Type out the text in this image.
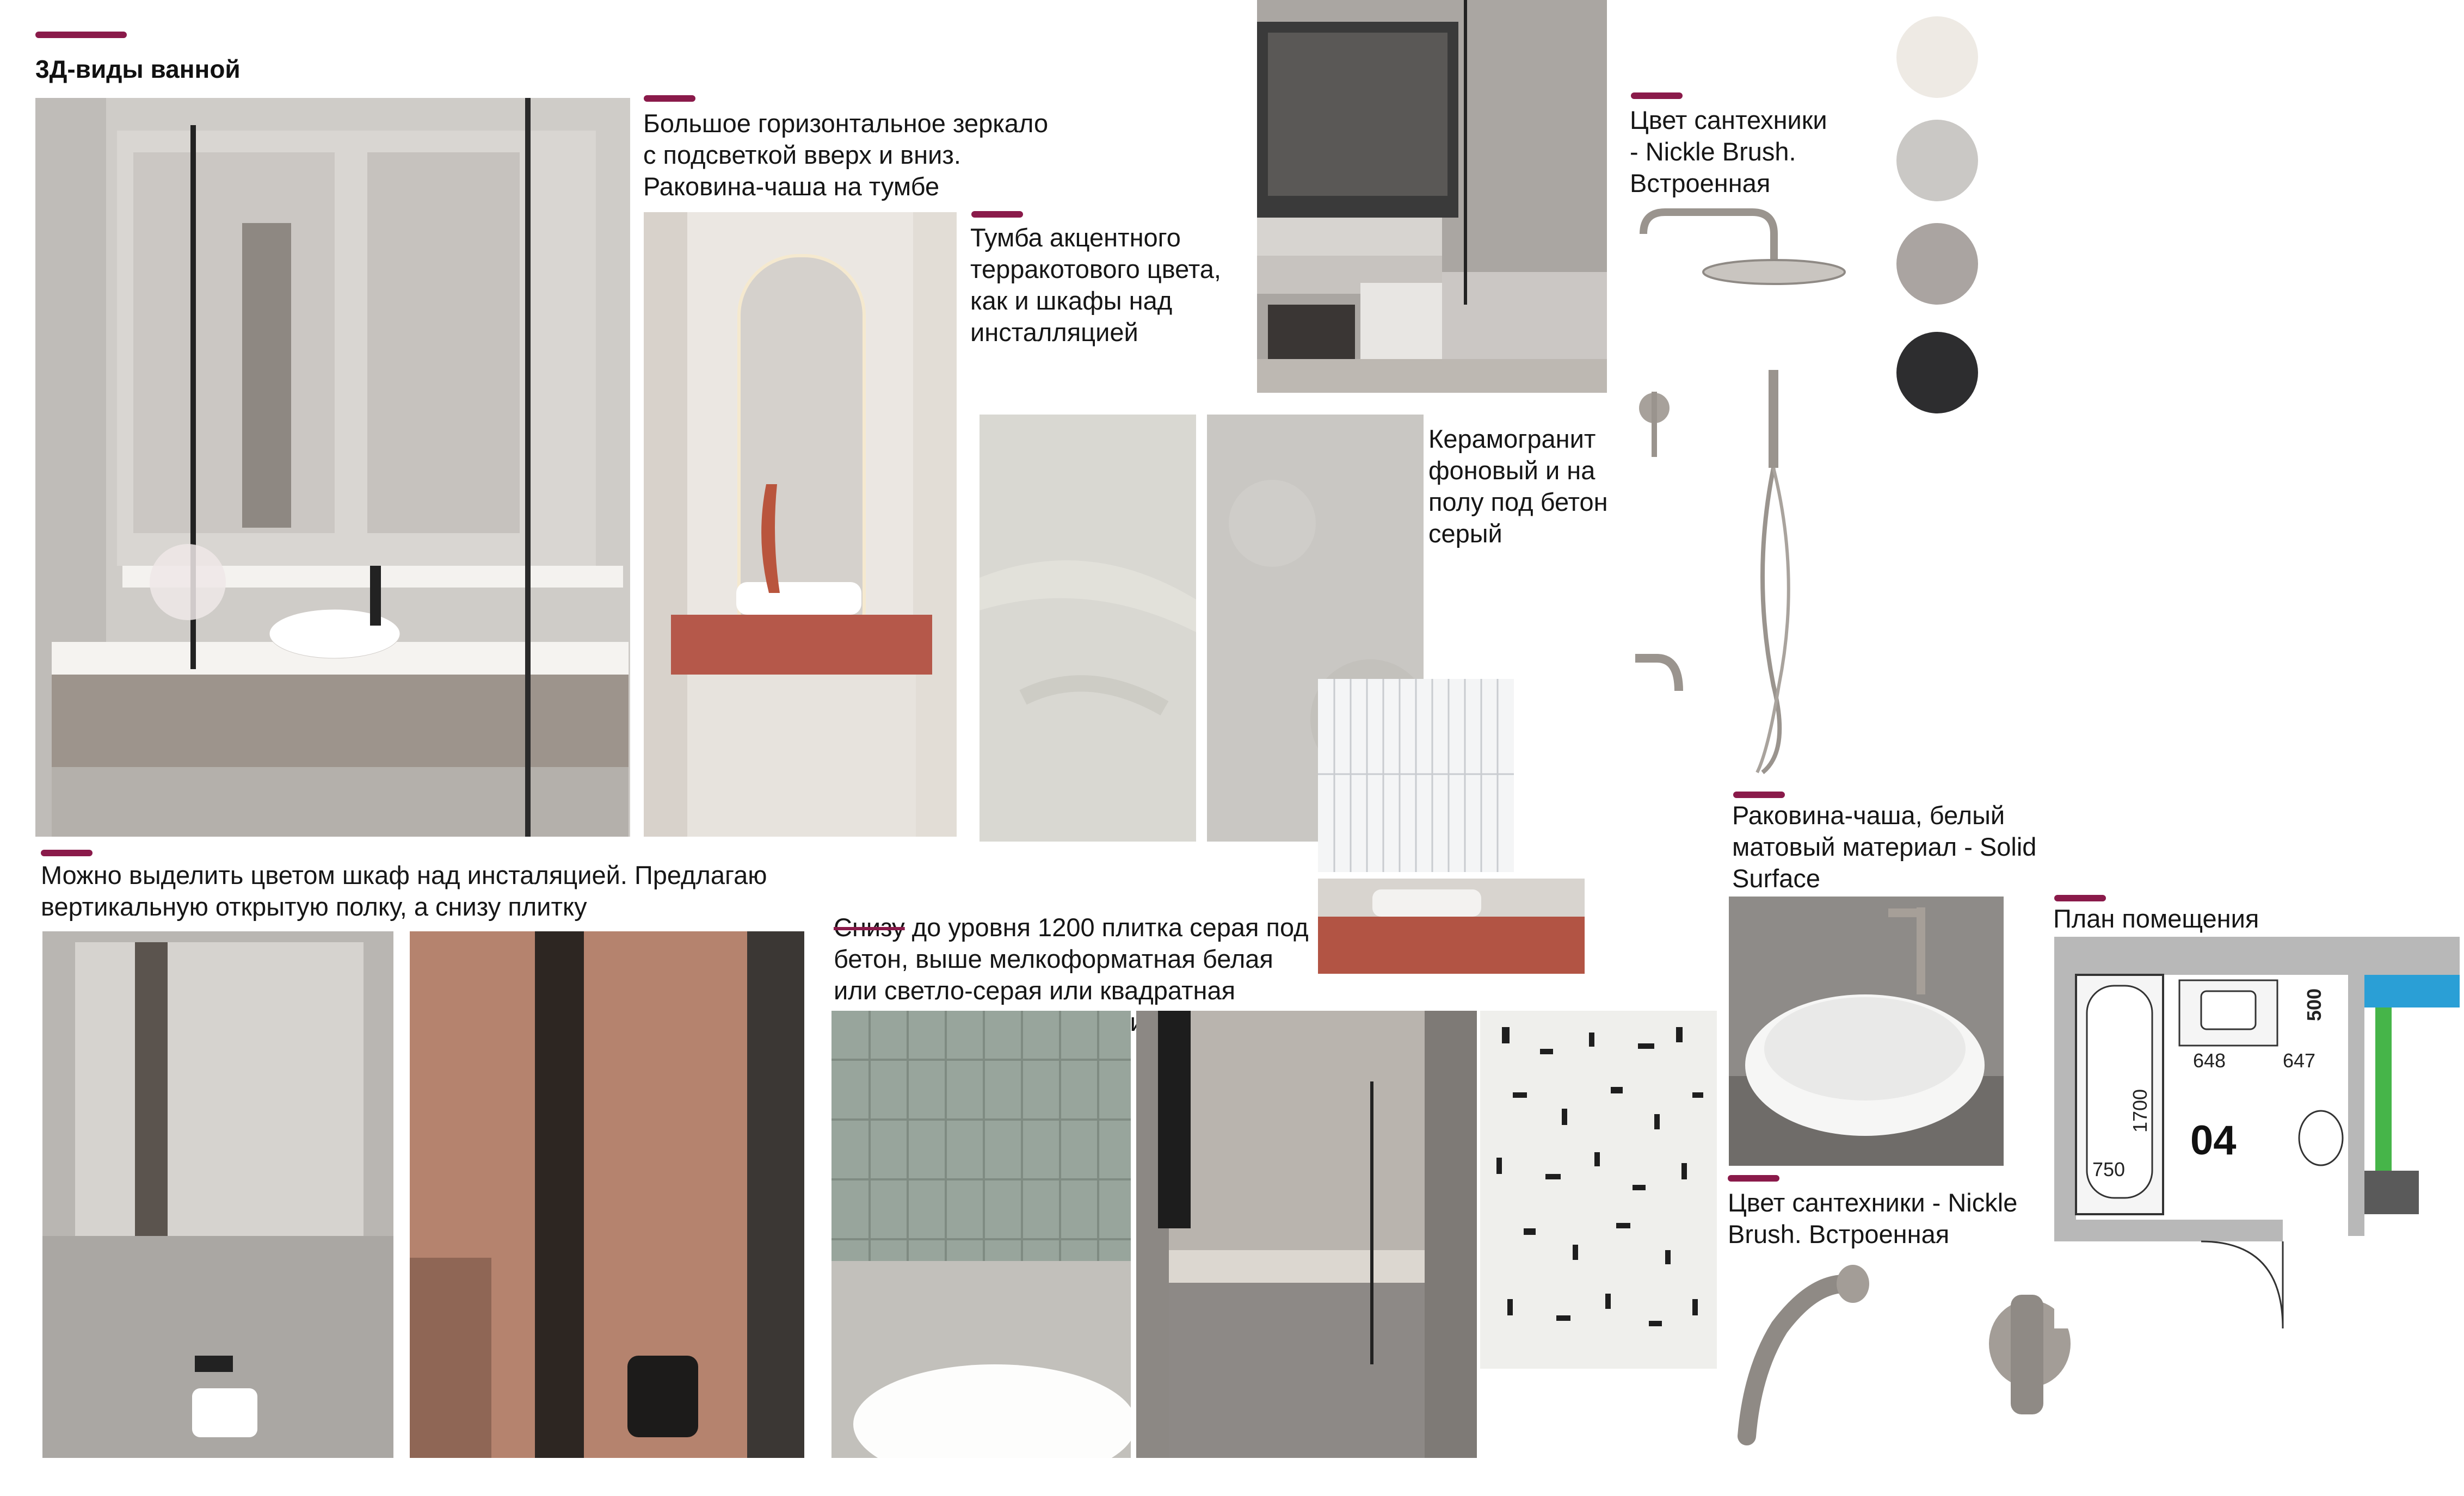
3Д-виды ванной
Большое горизонтальное зеркало
с подсветкой вверх и вниз.
Раковина-чаша на тумбе
Тумба акцентного
терракотового цвета,
как и шкафы над
инсталляцией
Цвет сантехники
- Nickle Brush.
Встроенная
Керамогранит
фоновый и на
полу под бетон
серый
Раковина-чаша, белый
матовый материал - Solid
Surface
Цвет сантехники - Nickle
Brush. Встроенная
План помещения
500
648	647
1700
750
04
Можно выделить цветом шкаф над инсталяцией. Предлагаю
вертикальную открытую полку, а снизу плитку

Снизу до уровня 1200 плитка серая под
бетон, выше мелкоформатная белая
или светло-серая или квадратная
